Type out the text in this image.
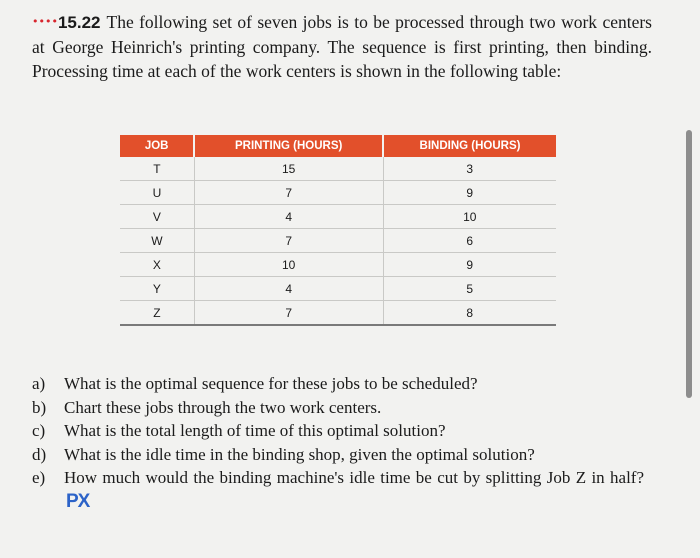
••••15.22 The following set of seven jobs is to be processed through two work centers at George Heinrich's printing company. The sequence is first printing, then binding. Processing time at each of the work centers is shown in the following table:
JOB	PRINTING (HOURS)	BINDING (HOURS)
T	15	3
U	7	9
V	4	10
W	7	6
X	10	9
Y	4	5
Z	7	8
a)	What is the optimal sequence for these jobs to be scheduled?
b)	Chart these jobs through the two work centers.
c)	What is the total length of time of this optimal solution?
d)	What is the idle time in the binding shop, given the optimal solution?
e)	How much would the binding machine's idle time be cut by splitting Job Z in half?PX
